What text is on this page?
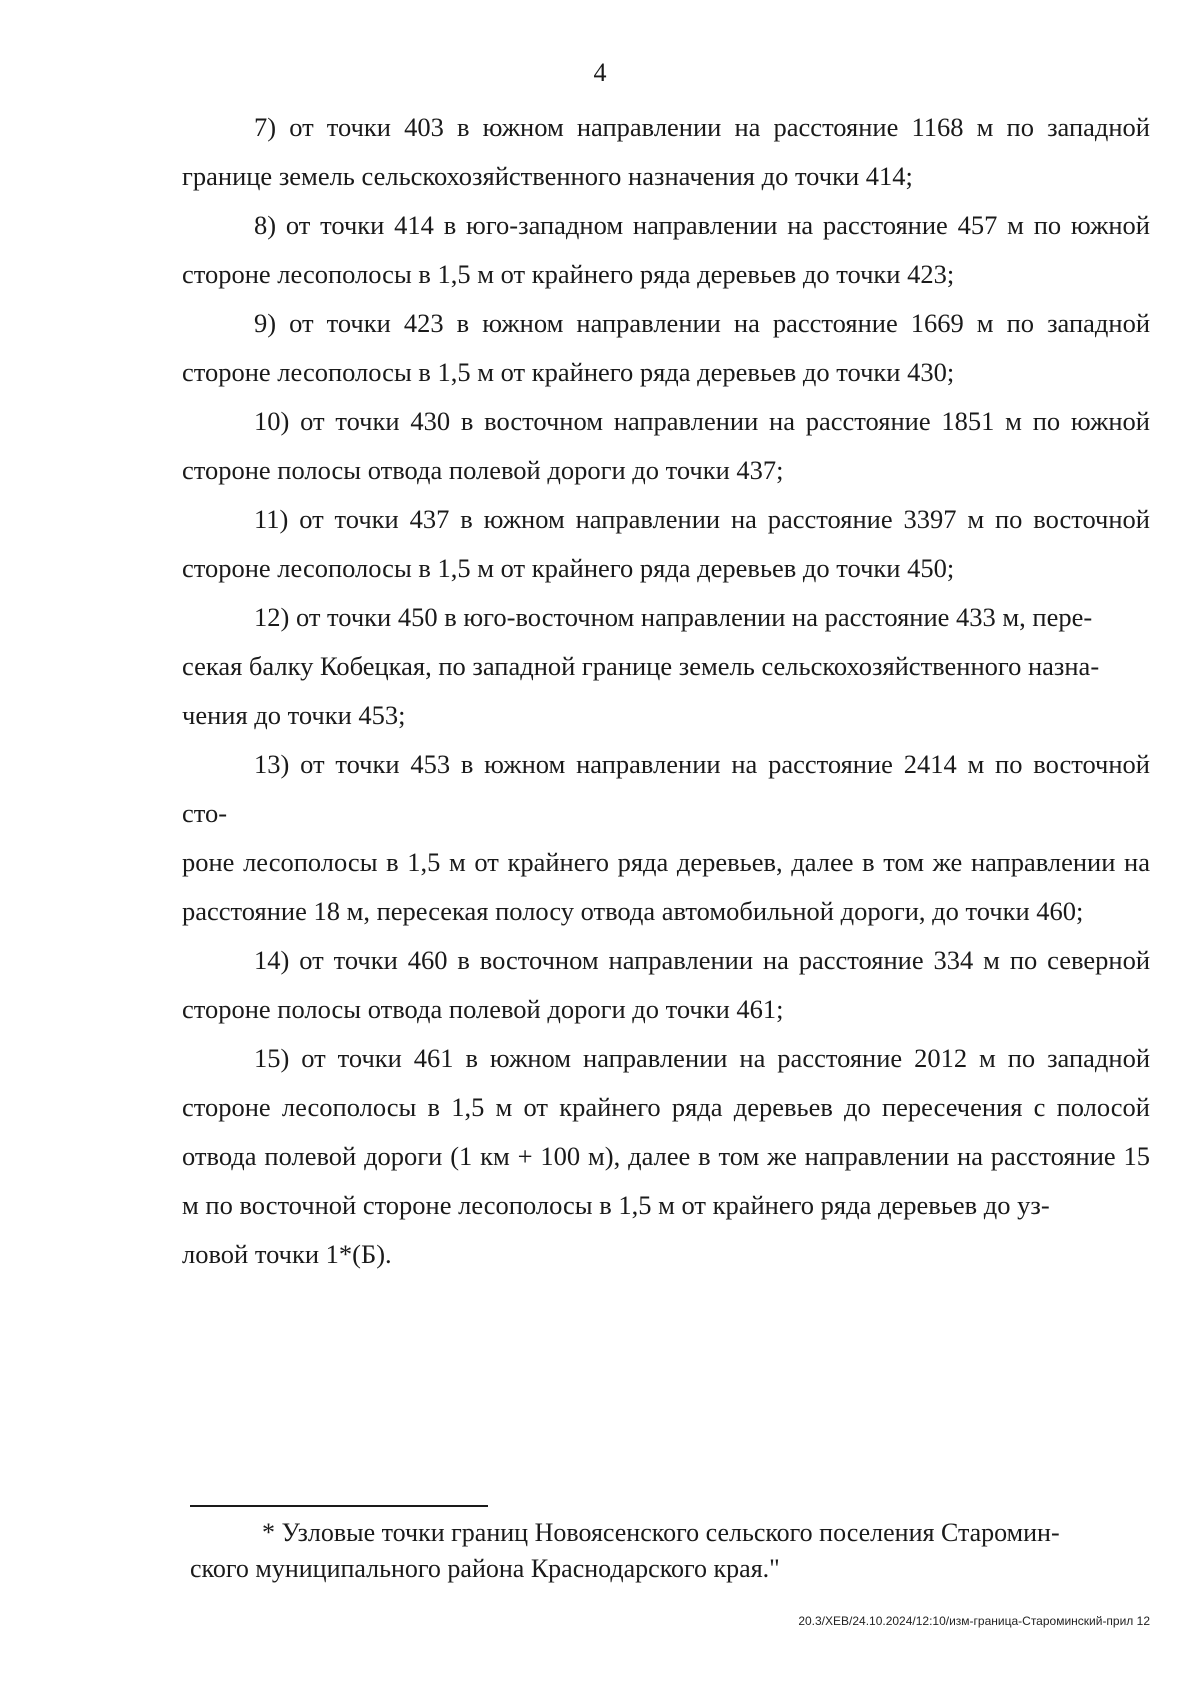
4

7) от точки 403 в южном направлении на расстояние 1168 м по западной границе земель сельскохозяйственного назначения до точки 414;

8) от точки 414 в юго-западном направлении на расстояние 457 м по южной стороне лесополосы в 1,5 м от крайнего ряда деревьев до точки 423;

9) от точки 423 в южном направлении на расстояние 1669 м по западной стороне лесополосы в 1,5 м от крайнего ряда деревьев до точки 430;

10) от точки 430 в восточном направлении на расстояние 1851 м по южной стороне полосы отвода полевой дороги до точки 437;

11) от точки 437 в южном направлении на расстояние 3397 м по восточной стороне лесополосы в 1,5 м от крайнего ряда деревьев до точки 450;

12) от точки 450 в юго-восточном направлении на расстояние 433 м, пере-
секая балку Кобецкая, по западной границе земель сельскохозяйственного назна-
чения до точки 453;

13) от точки 453 в южном направлении на расстояние 2414 м по восточной сто-
роне лесополосы в 1,5 м от крайнего ряда деревьев, далее в том же направлении на расстояние 18 м, пересекая полосу отвода автомобильной дороги, до точки 460;

14) от точки 460 в восточном направлении на расстояние 334 м по северной стороне полосы отвода полевой дороги до точки 461;

15) от точки 461 в южном направлении на расстояние 2012 м по западной стороне лесополосы в 1,5 м от крайнего ряда деревьев до пересечения с полосой отвода полевой дороги (1 км + 100 м), далее в том же направлении на расстояние 15 м по восточной стороне лесополосы в 1,5 м от крайнего ряда деревьев до уз-
ловой точки 1*(Б).

* Узловые точки границ Новоясенского сельского поселения Старомин-
ского муниципального района Краснодарского края."

20.3/ХЕВ/24.10.2024/12:10/изм-граница-Староминский-прил 12
